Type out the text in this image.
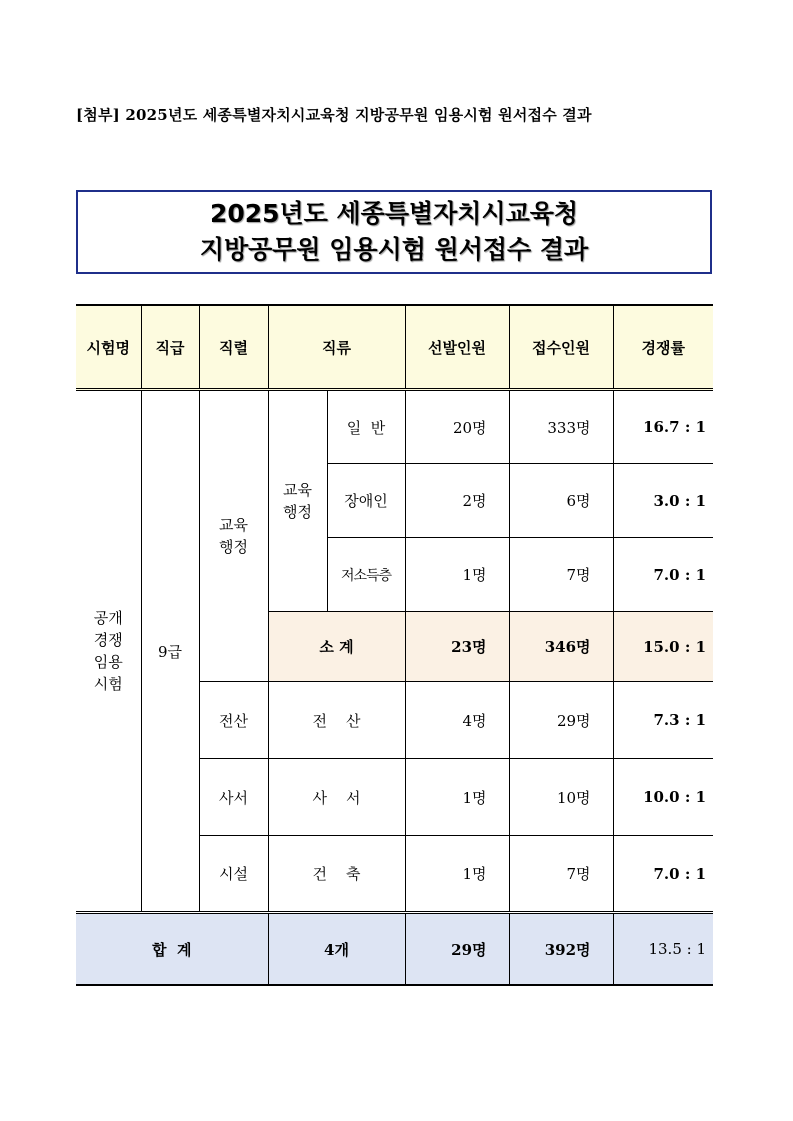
[첨부] 2025년도 세종특별자치시교육청 지방공무원 임용시험 원서접수 결과
2025년도 세종특별자치시교육청
지방공무원 임용시험 원서접수 결과
시험명	직급	직렬	직류		선발인원	접수인원	경쟁률

공개 경쟁 임용 시험	9급	교육 행정	교육 행정	일  반	20명	333명	16.7 : 1
				장애인	2명	6명	3.0 : 1
				저소득층	1명	7명	7.0 : 1
			소 계		23명	346명	15.0 : 1
		전산	전    산		4명	29명	7.3 : 1
		사서	사    서		1명	10명	10.0 : 1
		시설	건    축		1명	7명	7.0 : 1
합  계			4개		29명	392명	13.5 : 1
